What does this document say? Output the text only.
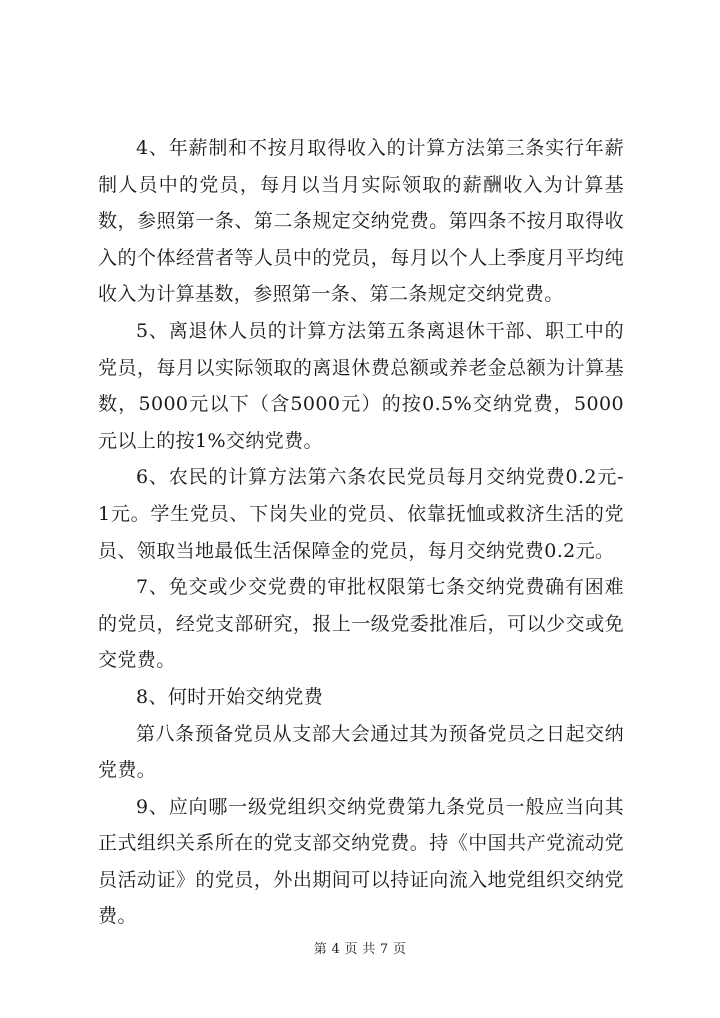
4、年薪制和不按月取得收入的计算方法第三条实行年薪制人员中的党员，每月以当月实际领取的薪酬收入为计算基数，参照第一条、第二条规定交纳党费。第四条不按月取得收入的个体经营者等人员中的党员，每月以个人上季度月平均纯收入为计算基数，参照第一条、第二条规定交纳党费。

5、离退休人员的计算方法第五条离退休干部、职工中的党员，每月以实际领取的离退休费总额或养老金总额为计算基数，5000元以下（含5000元）的按0.5%交纳党费，5000元以上的按1%交纳党费。

6、农民的计算方法第六条农民党员每月交纳党费0.2元-1元。学生党员、下岗失业的党员、依靠抚恤或救济生活的党员、领取当地最低生活保障金的党员，每月交纳党费0.2元。

7、免交或少交党费的审批权限第七条交纳党费确有困难的党员，经党支部研究，报上一级党委批准后，可以少交或免交党费。

8、何时开始交纳党费

第八条预备党员从支部大会通过其为预备党员之日起交纳党费。

9、应向哪一级党组织交纳党费第九条党员一般应当向其正式组织关系所在的党支部交纳党费。持《中国共产党流动党员活动证》的党员，外出期间可以持证向流入地党组织交纳党费。

第 4 页 共 7 页
